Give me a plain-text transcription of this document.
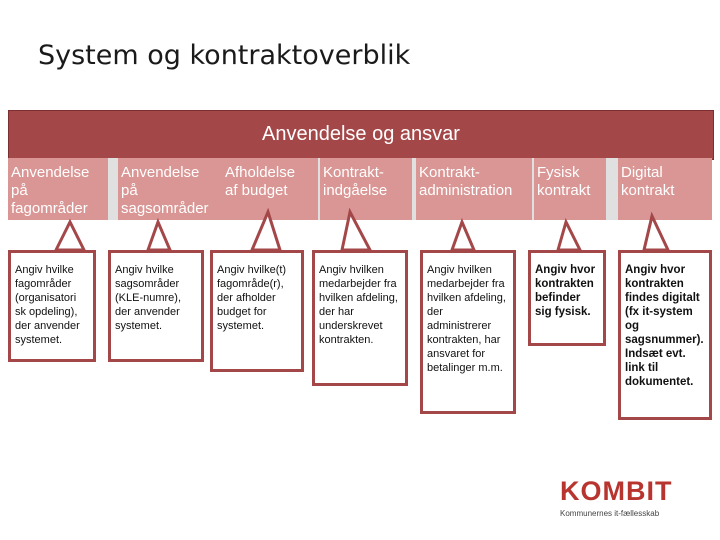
System og kontraktoverblik
Anvendelse og ansvar
Anvendelse
på
fagområder
Anvendelse
på
sagsområder
Afholdelse
af budget
Kontrakt-
indgåelse
Kontrakt-
administration
Fysisk
kontrakt
Digital
kontrakt
Angiv hvilke fagområder (organisatori sk opdeling), der anvender systemet.
Angiv hvilke sagsområder (KLE-numre), der anvender systemet.
Angiv hvilke(t) fagområde(r), der afholder budget for systemet.
Angiv hvilken medarbejder fra hvilken afdeling, der har underskrevet kontrakten.
Angiv hvilken medarbejder fra hvilken afdeling, der administrerer kontrakten, har ansvaret for betalinger m.m.
Angiv hvor kontrakten befinder sig fysisk.
Angiv hvor kontrakten findes digitalt (fx it-system og sagsnummer). Indsæt evt. link til dokumentet.
KOMBIT
Kommunernes it-fællesskab
